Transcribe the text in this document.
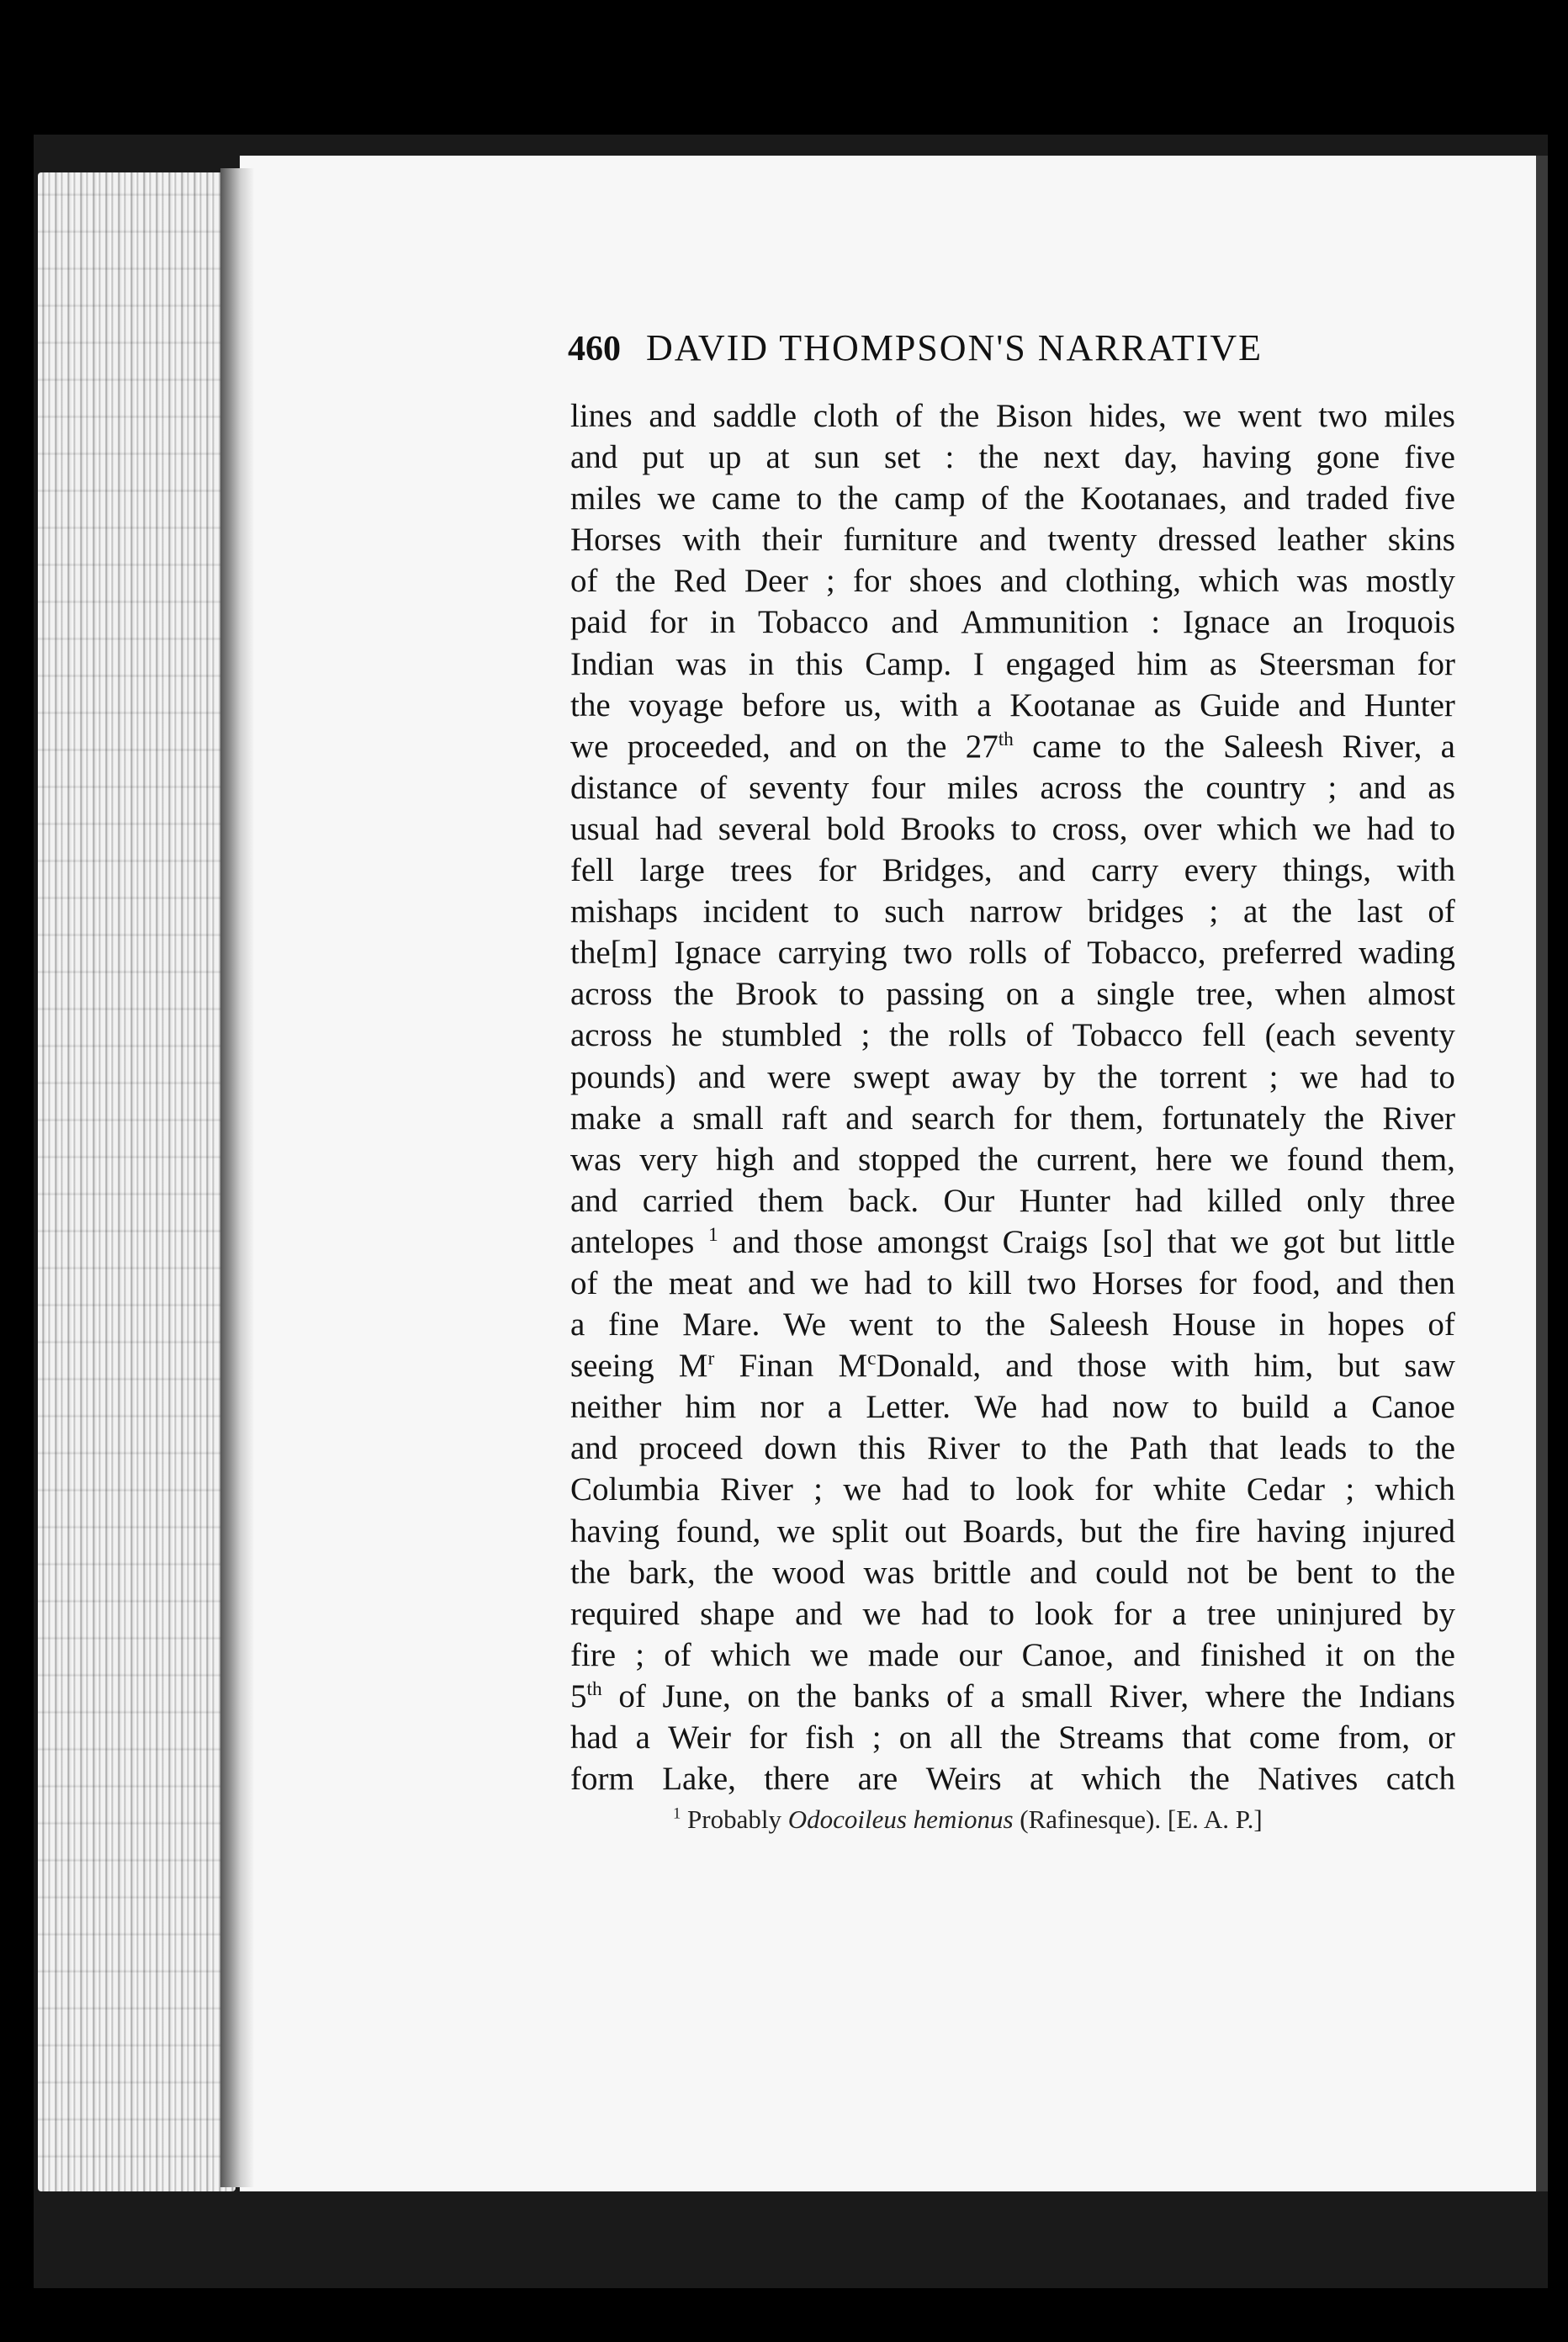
460 DAVID THOMPSON'S NARRATIVE
lines and saddle cloth of the Bison hides, we went two miles
and put up at sun set : the next day, having gone five
miles we came to the camp of the Kootanaes, and traded five
Horses with their furniture and twenty dressed leather skins
of the Red Deer ; for shoes and clothing, which was mostly
paid for in Tobacco and Ammunition : Ignace an Iroquois
Indian was in this Camp. I engaged him as Steersman for
the voyage before us, with a Kootanae as Guide and Hunter
we proceeded, and on the 27th came to the Saleesh River, a
distance of seventy four miles across the country ; and as
usual had several bold Brooks to cross, over which we had to
fell large trees for Bridges, and carry every things, with
mishaps incident to such narrow bridges ; at the last of
the[m] Ignace carrying two rolls of Tobacco, preferred wading
across the Brook to passing on a single tree, when almost
across he stumbled ; the rolls of Tobacco fell (each seventy
pounds) and were swept away by the torrent ; we had to
make a small raft and search for them, fortunately the River
was very high and stopped the current, here we found them,
and carried them back. Our Hunter had killed only three
antelopes $^1$ and those amongst Craigs [so] that we got but little
of the meat and we had to kill two Horses for food, and then
a fine Mare. We went to the Saleesh House in hopes of
seeing $M^r$ Finan $M^cDonald$, and those with him, but saw
neither him nor a Letter. We had now to build a Canoe
and proceed down this River to the Path that leads to the
Columbia River ; we had to look for white Cedar ; which
having found, we split out Boards, but the fire having injured
the bark, the wood was brittle and could not be bent to the
required shape and we had to look for a tree uninjured by
fire ; of which we made our Canoe, and finished it on the
5th of June, on the banks of a small River, where the Indians
had a Weir for fish ; on all the Streams that come from, or
form Lake, there are Weirs at which the Natives catch
$^1$ Probably Odocoileus hemionus (Rafinesque). [E. A. P.]
